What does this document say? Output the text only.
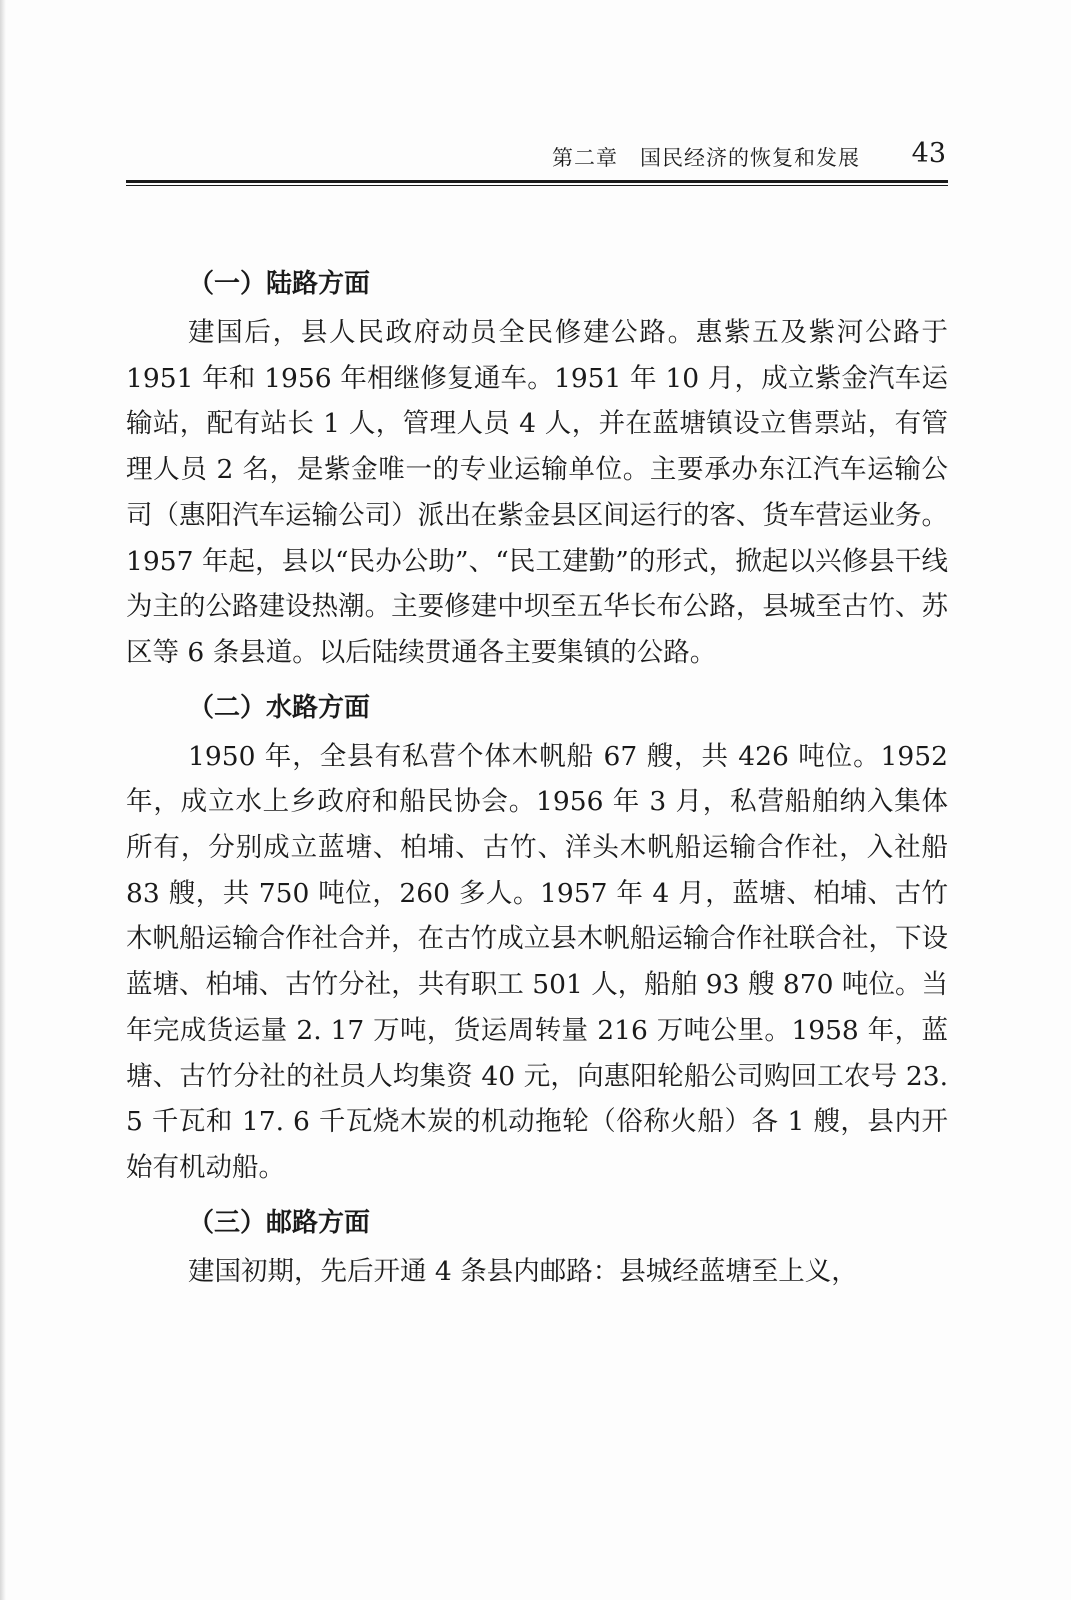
第二章　国民经济的恢复和发展 43
（一）陆路方面

建国后，县人民政府动员全民修建公路。惠紫五及紫河公路于 1951 年和 1956 年相继修复通车。1951 年 10 月，成立紫金汽车运输站，配有站长 1 人，管理人员 4 人，并在蓝塘镇设立售票站，有管理人员 2 名，是紫金唯一的专业运输单位。主要承办东江汽车运输公司（惠阳汽车运输公司）派出在紫金县区间运行的客、货车营运业务。1957 年起，县以“民办公助”、“民工建勤”的形式，掀起以兴修县干线为主的公路建设热潮。主要修建中坝至五华长布公路，县城至古竹、苏区等 6 条县道。以后陆续贯通各主要集镇的公路。

（二）水路方面

1950 年，全县有私营个体木帆船 67 艘，共 426 吨位。1952 年，成立水上乡政府和船民协会。1956 年 3 月，私营船舶纳入集体所有，分别成立蓝塘、柏埔、古竹、洋头木帆船运输合作社，入社船 83 艘，共 750 吨位，260 多人。1957 年 4 月，蓝塘、柏埔、古竹木帆船运输合作社合并，在古竹成立县木帆船运输合作社联合社，下设蓝塘、柏埔、古竹分社，共有职工 501 人，船舶 93 艘 870 吨位。当年完成货运量 2. 17 万吨，货运周转量 216 万吨公里。1958 年，蓝塘、古竹分社的社员人均集资 40 元，向惠阳轮船公司购回工农号 23. 5 千瓦和 17. 6 千瓦烧木炭的机动拖轮（俗称火船）各 1 艘，县内开始有机动船。

（三）邮路方面

建国初期，先后开通 4 条县内邮路：县城经蓝塘至上义，
